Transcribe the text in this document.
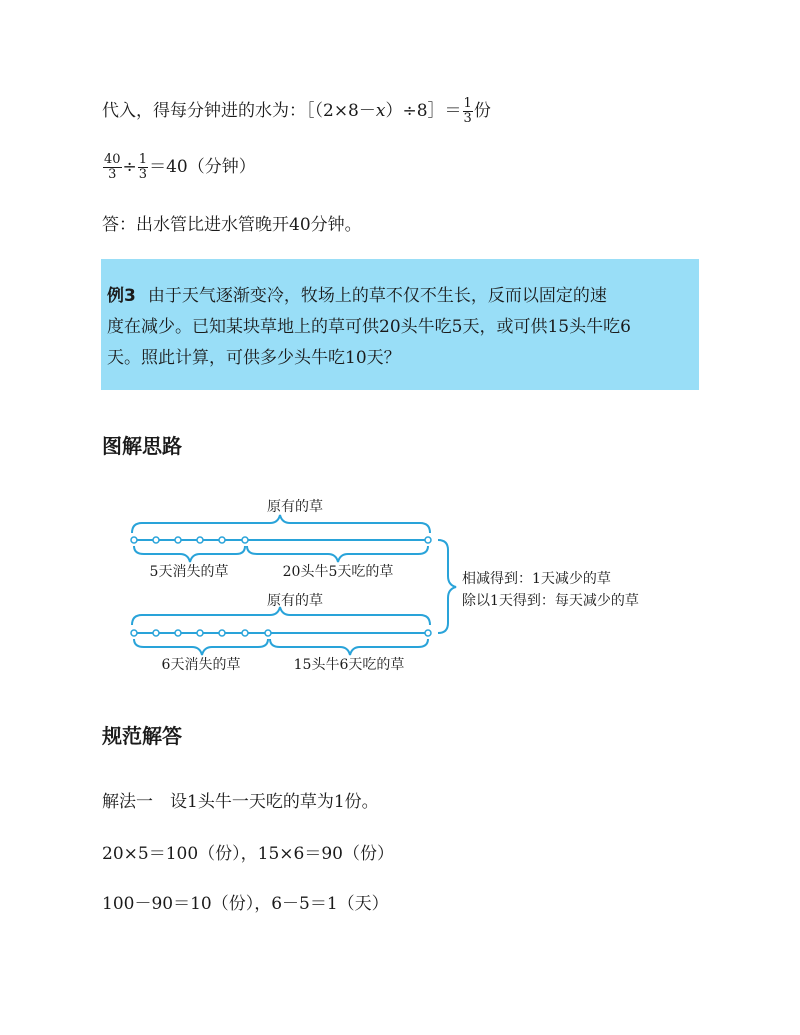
代入，得每分钟进的水为：［（2×8－x）÷8］＝ $\frac{1}{3}$ 份
$\frac{40}{3} \div \frac{1}{3} =40$（分钟）
答：出水管比进水管晚开40分钟。
例3 由于天气逐渐变冷，牧场上的草不仅不生长，反而以固定的速
度在减少。已知某块草地上的草可供20头牛吃5天，或可供15头牛吃6
天。照此计算，可供多少头牛吃10天？
图解思路
原有的草
5天消失的草	20头牛5天吃的草
原有的草
6天消失的草	15头牛6天吃的草
相减得到：1天减少的草
除以1天得到：每天减少的草
规范解答
解法一　设1头牛一天吃的草为1份。
20×5＝100（份），15×6＝90（份）
100－90＝10（份），6－5＝1（天）
